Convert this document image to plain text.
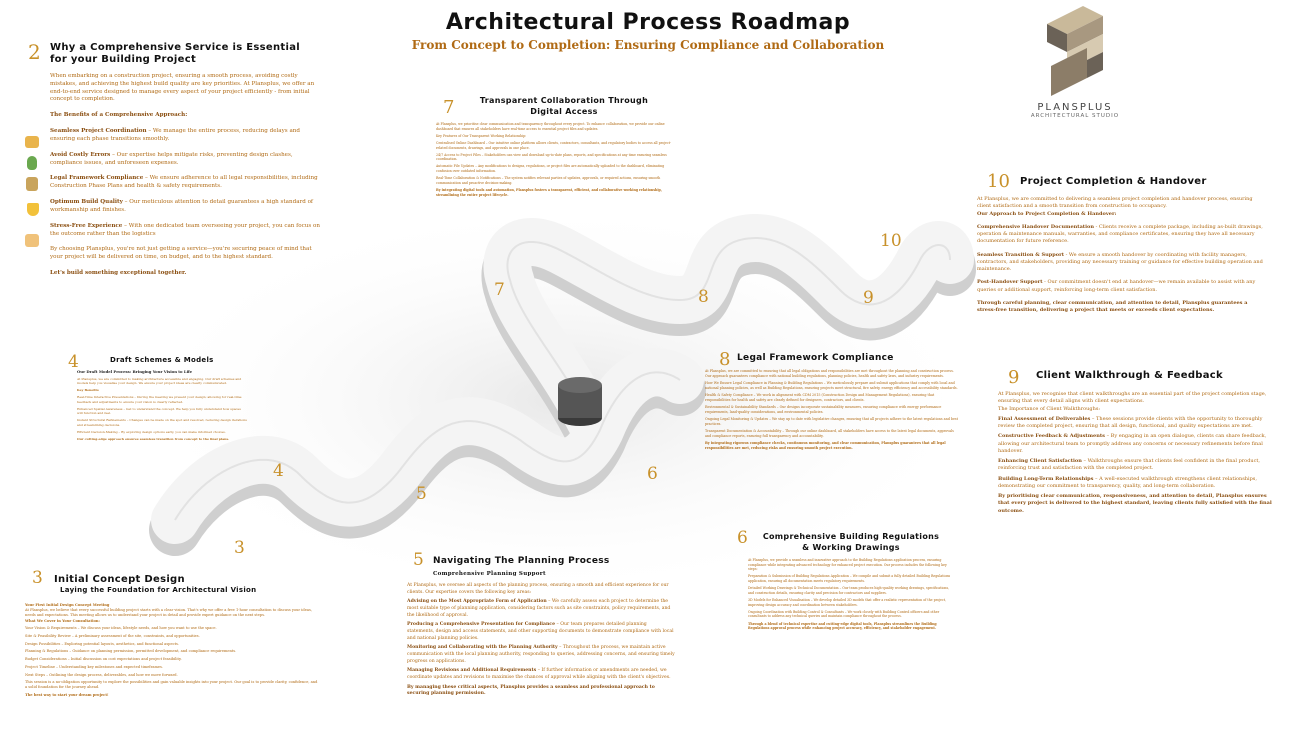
Architectural Process Roadmap
From Concept to Completion: Ensuring Compliance and Collaboration
PLANSPLUS
ARCHITECTURAL STUDIO
3
4
5
6
7	8	9
10
2 Why a Comprehensive Service is Essential
for your Building Project

When embarking on a construction project, ensuring a smooth process, avoiding costly mistakes, and achieving the highest build quality are key priorities. At Plansplus, we offer an end-to-end service designed to manage every aspect of your project efficiently - from initial concept to completion.

The Benefits of a Comprehensive Approach:

Seamless Project Coordination – We manage the entire process, reducing delays and ensuring each phase transitions smoothly.

Avoid Costly Errors – Our expertise helps mitigate risks, preventing design clashes, compliance issues, and unforeseen expenses.

Legal Framework Compliance – We ensure adherence to all legal responsibilities, including Construction Phase Plans and health & safety requirements.

Optimum Build Quality – Our meticulous attention to detail guarantees a high standard of workmanship and finishes.

Stress-Free Experience – With one dedicated team overseeing your project, you can focus on the outcome rather than the logistics

By choosing Plansplus, you're not just getting a service—you're securing peace of mind that your project will be delivered on time, on budget, and to the highest standard.

Let's build something exceptional together.

3 Initial Concept Design
Laying the Foundation for Architectural Vision

Your First Initial Design Concept Meeting

At Plansplus, we believe that every successful building project starts with a clear vision. That's why we offer a free 1-hour consultation to discuss your ideas, needs and expectations. This meeting allows us to understand your project in detail and provide expert guidance on the next steps.

What We Cover in Your Consultation:

Your Vision & Requirements – We discuss your ideas, lifestyle needs, and how you want to use the space.

Site & Feasibility Review – A preliminary assessment of the site, constraints, and opportunities.

Design Possibilities – Exploring potential layouts, aesthetics, and functional aspects.

Planning & Regulations – Guidance on planning permission, permitted development, and compliance requirements.

Budget Considerations – Initial discussion on cost expectations and project feasibility.

Project Timeline – Understanding key milestones and expected timeframes.

Next Steps – Outlining the design process, deliverables, and how we move forward.

This session is a no-obligation opportunity to explore the possibilities and gain valuable insights into your project. Our goal is to provide clarity, confidence, and a solid foundation for the journey ahead.

The best way to start your dream project!

4	Draft Schemes & Models

Our Draft Model Process: Bringing Your Vision to Life

At Plansplus, we are committed to making architecture accessible and engaging. Our draft schemes and models help you visualise your design. We ensure your project ideas are clearly communicated.

Key Benefits

Real-Time Interactive Presentations – During the meeting we present your design; allowing for real-time feedback and adjustments to ensure your vision is clearly reflected.

Enhanced Spatial Awareness – Get to understand the concept. We help you fully understand how spaces will function and feel.

Instant Structural Refinements – Changes can be made on the spot and resolved, reducing design iterations and streamlining decisions.

Efficient Decision-Making – By exploring design options early, you can make informed choices.

Our cutting-edge approach ensures seamless transition from concept to the final plans.

5 Navigating The Planning Process
Comprehensive Planning Support

At Plansplus, we oversee all aspects of the planning process, ensuring a smooth and efficient experience for our clients. Our expertise covers the following key areas:

Advising on the Most Appropriate Form of Application – We carefully assess each project to determine the most suitable type of planning application, considering factors such as site constraints, policy requirements, and the likelihood of approval.

Producing a Comprehensive Presentation for Compliance – Our team prepares detailed planning statements, design and access statements, and other supporting documents to demonstrate compliance with local and national planning policies.

Monitoring and Collaborating with the Planning Authority – Throughout the process, we maintain active communication with the local planning authority, responding to queries, addressing concerns, and ensuring timely progress on applications.

Managing Revisions and Additional Requirements – If further information or amendments are needed, we coordinate updates and revisions to maximise the chances of approval while aligning with the client's objectives.

By managing these critical aspects, Plansplus provides a seamless and professional approach to securing planning permission.

6	Comprehensive Building Regulations
& Working Drawings

At Plansplus, we provide a seamless and innovative approach to the Building Regulations application process, ensuring compliance while integrating advanced technology for enhanced project execution. Our process includes the following key steps:

Preparation & Submission of Building Regulations Application – We compile and submit a fully detailed Building Regulations application, ensuring all documentation meets regulatory requirements.

Detailed Working Drawings & Technical Documentation – Our team produces high-quality working drawings, specifications, and construction details, ensuring clarity and precision for contractors and suppliers.

3D Models for Enhanced Visualisation – We develop detailed 3D models that offer a realistic representation of the project, improving design accuracy and coordination between stakeholders.

Ongoing Coordination with Building Control & Consultants – We work closely with Building Control officers and other consultants to address any technical queries and maintain compliance throughout the process.

Through a blend of technical expertise and cutting-edge digital tools, Plansplus streamlines the Building Regulations approval process while enhancing project accuracy, efficiency, and stakeholder engagement.

7	Transparent Collaboration Through
Digital Access

At Plansplus, we prioritise clear communication and transparency throughout every project. To enhance collaboration, we provide our online dashboard that ensures all stakeholders have real-time access to essential project files and updates.

Key Features of Our Transparent Working Relationship:

Centralised Online Dashboard – Our intuitive online platform allows clients, contractors, consultants, and regulatory bodies to access all project-related documents, drawings, and approvals in one place.

24/7 Access to Project Files – Stakeholders can view and download up-to-date plans, reports, and specifications at any time ensuring seamless coordination.

Automatic File Updates – Any modifications to designs, regulations, or project files are automatically uploaded to the dashboard, eliminating confusion over outdated information.

Real-Time Collaboration & Notifications – The system notifies relevant parties of updates, approvals, or required actions, ensuring smooth communication and proactive decision-making.

By integrating digital tools and automation, Plansplus fosters a transparent, efficient, and collaborative working relationship, streamlining the entire project lifecycle.

8 Legal Framework Compliance

At Plansplus, we are committed to ensuring that all legal obligations and responsibilities are met throughout the planning and construction process. Our approach guarantees compliance with national building regulations, planning policies, health and safety laws, and industry requirements.

How We Ensure Legal Compliance in Planning & Building Regulations – We meticulously prepare and submit applications that comply with local and national planning policies, as well as Building Regulations, ensuring projects meet structural, fire safety, energy efficiency and accessibility standards.

Health & Safety Compliance – We work in alignment with CDM 2015 (Construction Design and Management Regulations), ensuring that responsibilities for health and safety are clearly defined for designers, contractors, and clients.

Environmental & Sustainability Standards – Our designs incorporate sustainability measures, ensuring compliance with energy performance requirements, land-quality considerations, and environmental policies.

Ongoing Legal Monitoring & Updates – We stay up to date with legislative changes, ensuring that all projects adhere to the latest regulations and best practices.

Transparent Documentation & Accountability – Through our online dashboard, all stakeholders have access to the latest legal documents, approvals and compliance reports, ensuring full transparency and accountability.

By integrating rigorous compliance checks, continuous monitoring, and clear communication, Plansplus guarantees that all legal responsibilities are met, reducing risks and ensuring smooth project execution.

9 Client Walkthrough & Feedback

At Plansplus, we recognise that client walkthroughs are an essential part of the project completion stage, ensuring that every detail aligns with client expectations.

The Importance of Client Walkthroughs:

Final Assessment of Deliverables – These sessions provide clients with the opportunity to thoroughly review the completed project, ensuring that all design, functional, and quality expectations are met.

Constructive Feedback & Adjustments – By engaging in an open dialogue, clients can share feedback, allowing our architectural team to promptly address any concerns or necessary refinements before final handover.

Enhancing Client Satisfaction – Walkthroughs ensure that clients feel confident in the final product, reinforcing trust and satisfaction with the completed project.

Building Long-Term Relationships – A well-executed walkthrough strengthens client relationships, demonstrating our commitment to transparency, quality, and long-term collaboration.

By prioritising clear communication, responsiveness, and attention to detail, Plansplus ensures that every project is delivered to the highest standard, leaving clients fully satisfied with the final outcome.

10 Project Completion & Handover

At Plansplus, we are committed to delivering a seamless project completion and handover process, ensuring client satisfaction and a smooth transition from construction to occupancy.

Our Approach to Project Completion & Handover:

Comprehensive Handover Documentation - Clients receive a complete package, including as-built drawings, operation & maintenance manuals, warranties, and compliance certificates, ensuring they have all necessary documentation for future reference.

Seamless Transition & Support - We ensure a smooth handover by coordinating with facility managers, contractors, and stakeholders, providing any necessary training or guidance for effective building operation and maintenance.

Post-Handover Support - Our commitment doesn't end at handover—we remain available to assist with any queries or additional support, reinforcing long-term client satisfaction.

Through careful planning, clear communication, and attention to detail, Plansplus guarantees a stress-free transition, delivering a project that meets or exceeds client expectations.
